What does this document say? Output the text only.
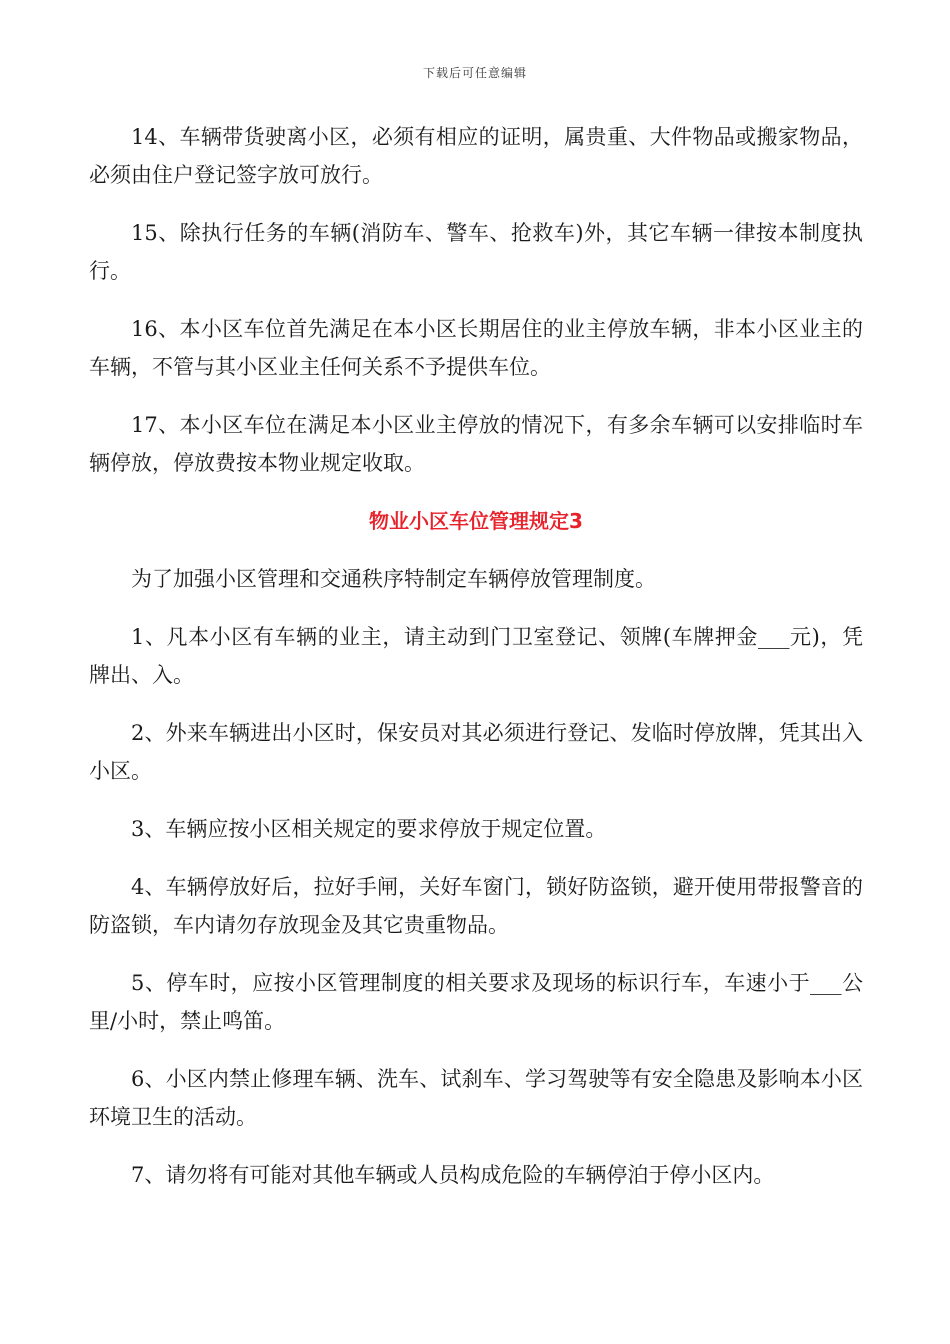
下载后可任意编辑

14、车辆带货驶离小区，必须有相应的证明，属贵重、大件物品或搬家物品，必须由住户登记签字放可放行。

15、除执行任务的车辆(消防车、警车、抢救车)外，其它车辆一律按本制度执行。

16、本小区车位首先满足在本小区长期居住的业主停放车辆，非本小区业主的车辆，不管与其小区业主任何关系不予提供车位。

17、本小区车位在满足本小区业主停放的情况下，有多余车辆可以安排临时车辆停放，停放费按本物业规定收取。

物业小区车位管理规定3

为了加强小区管理和交通秩序特制定车辆停放管理制度。

1、凡本小区有车辆的业主，请主动到门卫室登记、领牌(车牌押金___元)，凭牌出、入。

2、外来车辆进出小区时，保安员对其必须进行登记、发临时停放牌，凭其出入小区。

3、车辆应按小区相关规定的要求停放于规定位置。

4、车辆停放好后，拉好手闸，关好车窗门，锁好防盗锁，避开使用带报警音的防盗锁，车内请勿存放现金及其它贵重物品。

5、停车时，应按小区管理制度的相关要求及现场的标识行车，车速小于___公里/小时，禁止鸣笛。

6、小区内禁止修理车辆、洗车、试刹车、学习驾驶等有安全隐患及影响本小区环境卫生的活动。

7、请勿将有可能对其他车辆或人员构成危险的车辆停泊于停小区内。
